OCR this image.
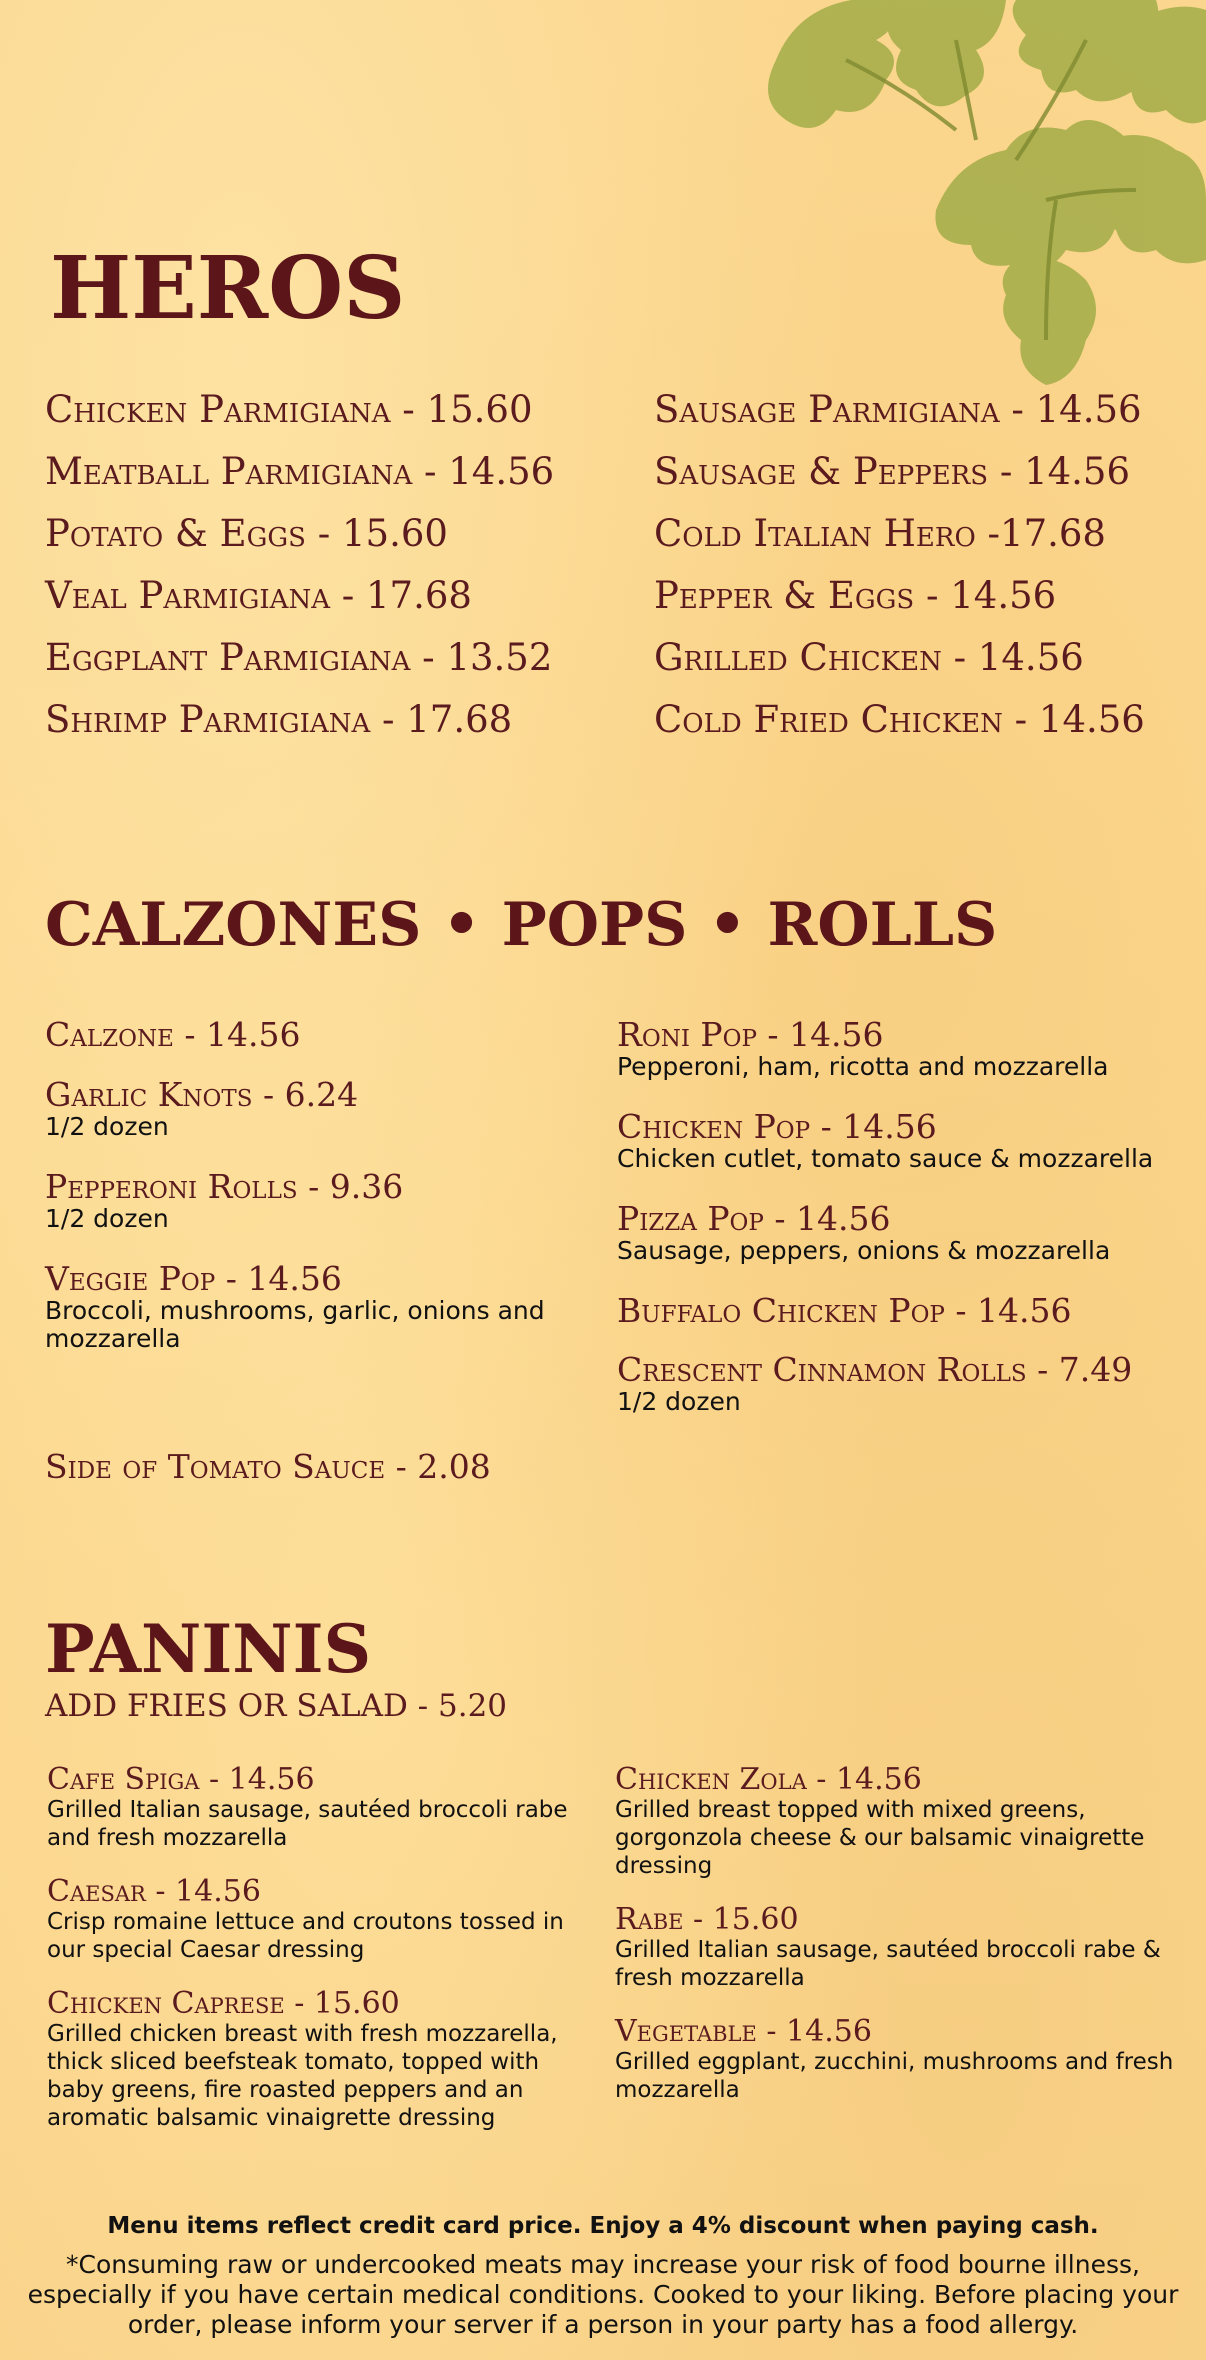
HEROS

Chicken Parmigiana - 15.60

Meatball Parmigiana - 14.56

Potato & Eggs - 15.60

Veal Parmigiana - 17.68

Eggplant Parmigiana - 13.52

Shrimp Parmigiana - 17.68

Sausage Parmigiana - 14.56

Sausage & Peppers - 14.56

Cold Italian Hero -17.68

Pepper & Eggs - 14.56

Grilled Chicken - 14.56

Cold Fried Chicken - 14.56

CALZONES • POPS • ROLLS

Calzone - 14.56

Garlic Knots - 6.24

1/2 dozen

Pepperoni Rolls - 9.36

1/2 dozen

Veggie Pop - 14.56

Broccoli, mushrooms, garlic, onions and mozzarella

Side of Tomato Sauce - 2.08

Roni Pop - 14.56

Pepperoni, ham, ricotta and mozzarella

Chicken Pop - 14.56

Chicken cutlet, tomato sauce & mozzarella

Pizza Pop - 14.56

Sausage, peppers, onions & mozzarella

Buffalo Chicken Pop - 14.56

Crescent Cinnamon Rolls - 7.49

1/2 dozen

PANINIS

ADD FRIES OR SALAD - 5.20

Cafe Spiga - 14.56

Grilled Italian sausage, sautéed broccoli rabe and fresh mozzarella

Caesar - 14.56

Crisp romaine lettuce and croutons tossed in our special Caesar dressing

Chicken Caprese - 15.60

Grilled chicken breast with fresh mozzarella, thick sliced beefsteak tomato, topped with baby greens, fire roasted peppers and an aromatic balsamic vinaigrette dressing

Chicken Zola - 14.56

Grilled breast topped with mixed greens, gorgonzola cheese & our balsamic vinaigrette dressing

Rabe - 15.60

Grilled Italian sausage, sautéed broccoli rabe & fresh mozzarella

Vegetable - 14.56

Grilled eggplant, zucchini, mushrooms and fresh mozzarella

Menu items reflect credit card price. Enjoy a 4% discount when paying cash.

*Consuming raw or undercooked meats may increase your risk of food bourne illness, especially if you have certain medical conditions. Cooked to your liking. Before placing your order, please inform your server if a person in your party has a food allergy.
